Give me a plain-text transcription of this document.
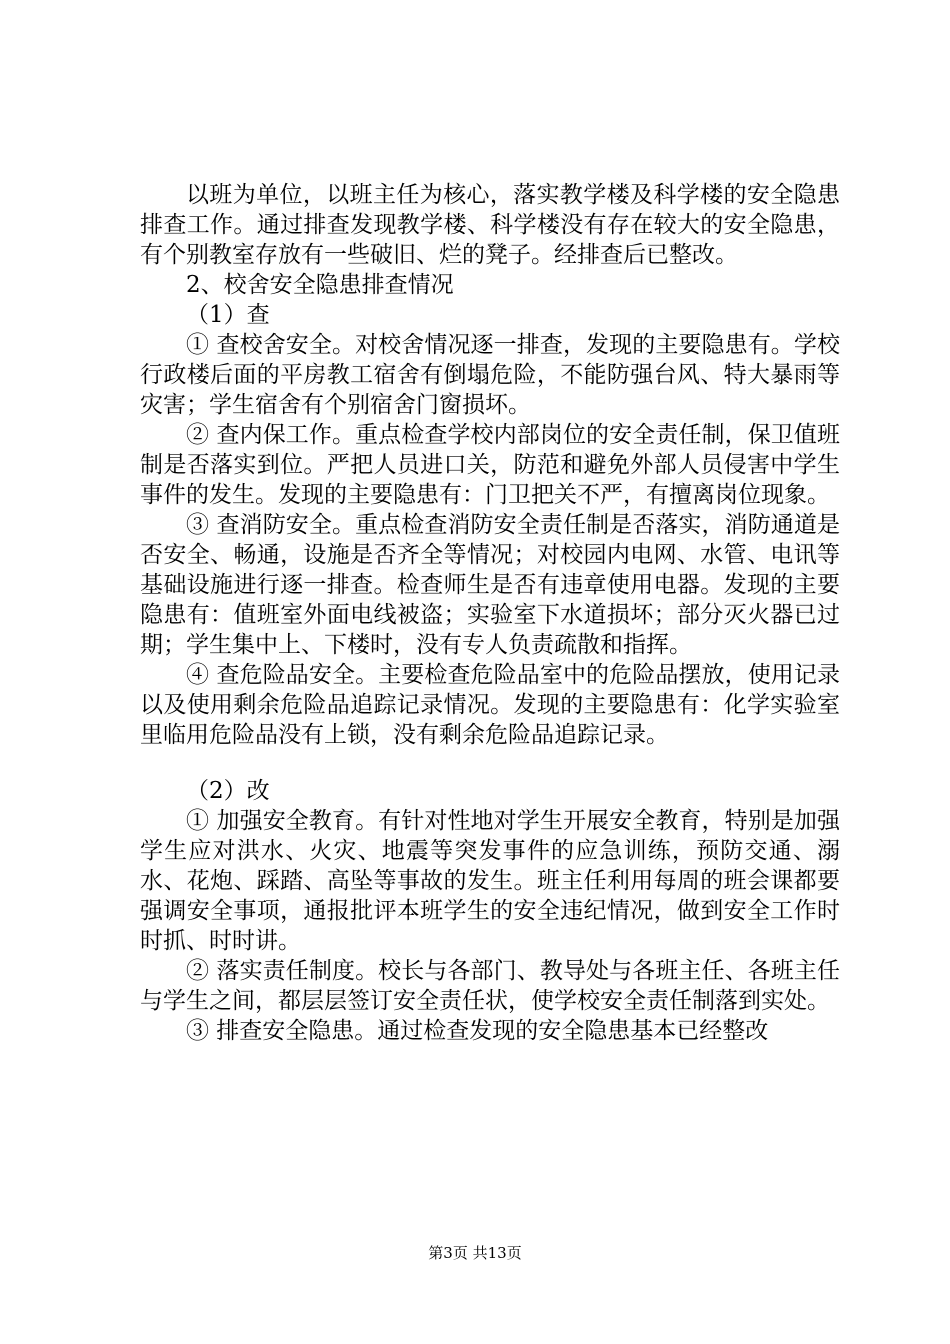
以班为单位，以班主任为核心，落实教学楼及科学楼的安全隐患排查工作。通过排查发现教学楼、科学楼没有存在较大的安全隐患，有个别教室存放有一些破旧、烂的凳子。经排查后已整改。

2、校舍安全隐患排查情况

（1）查

① 查校舍安全。对校舍情况逐一排查，发现的主要隐患有。学校行政楼后面的平房教工宿舍有倒塌危险，不能防强台风、特大暴雨等灾害；学生宿舍有个别宿舍门窗损坏。

② 查内保工作。重点检查学校内部岗位的安全责任制，保卫值班制是否落实到位。严把人员进口关，防范和避免外部人员侵害中学生事件的发生。发现的主要隐患有：门卫把关不严，有擅离岗位现象。

③ 查消防安全。重点检查消防安全责任制是否落实，消防通道是否安全、畅通，设施是否齐全等情况；对校园内电网、水管、电讯等基础设施进行逐一排查。检查师生是否有违章使用电器。发现的主要隐患有：值班室外面电线被盗；实验室下水道损坏；部分灭火器已过期；学生集中上、下楼时，没有专人负责疏散和指挥。

④ 查危险品安全。主要检查危险品室中的危险品摆放，使用记录以及使用剩余危险品追踪记录情况。发现的主要隐患有：化学实验室里临用危险品没有上锁，没有剩余危险品追踪记录。

（2）改

① 加强安全教育。有针对性地对学生开展安全教育，特别是加强学生应对洪水、火灾、地震等突发事件的应急训练，预防交通、溺水、花炮、踩踏、高坠等事故的发生。班主任利用每周的班会课都要强调安全事项，通报批评本班学生的安全违纪情况，做到安全工作时时抓、时时讲。

② 落实责任制度。校长与各部门、教导处与各班主任、各班主任与学生之间，都层层签订安全责任状，使学校安全责任制落到实处。

③ 排查安全隐患。通过检查发现的安全隐患基本已经整改

第3页 共13页
